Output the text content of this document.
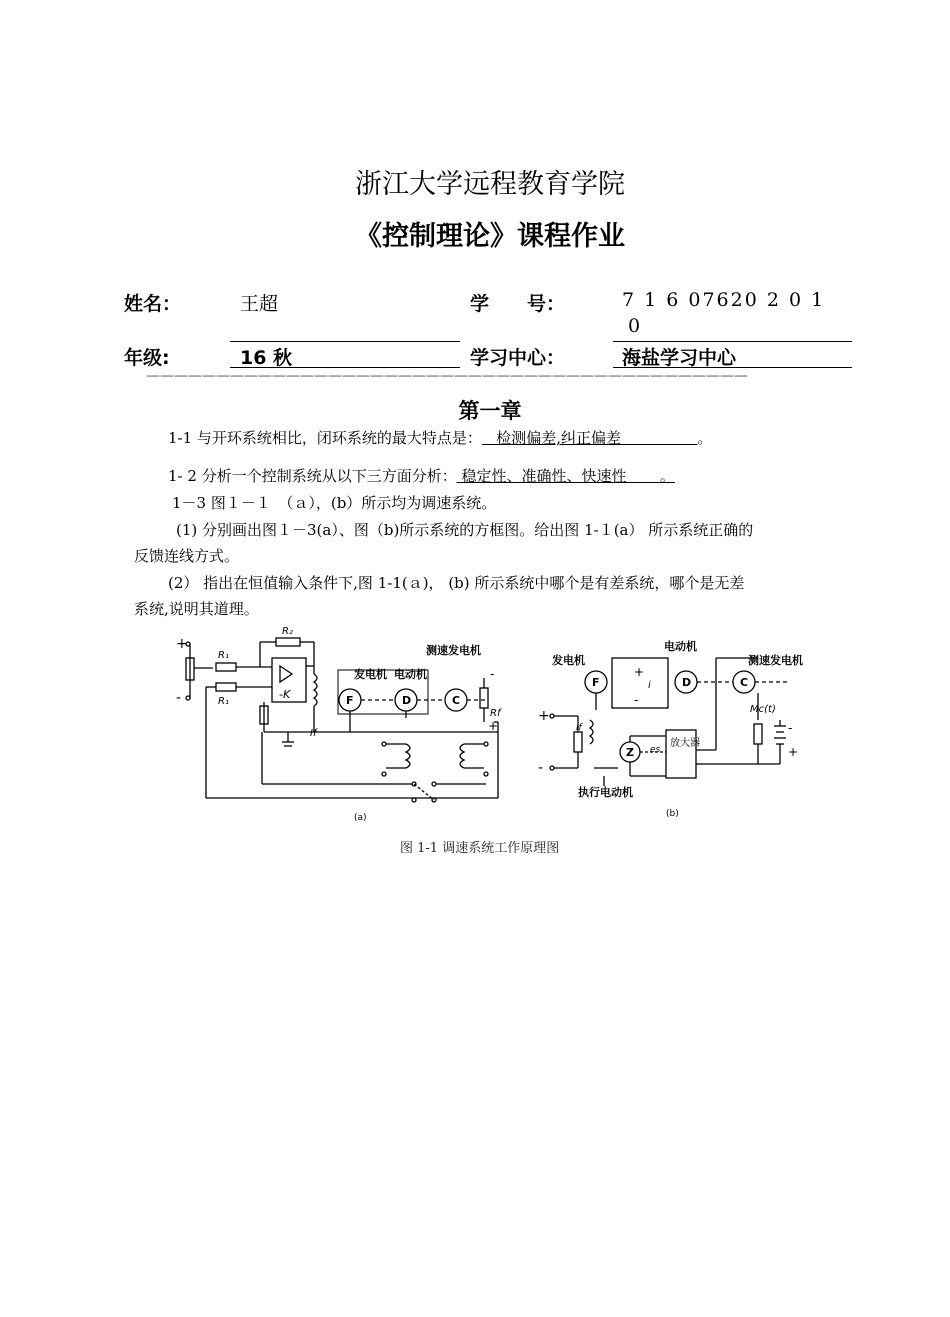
浙江大学远程教育学院
《控制理论》课程作业
姓名：	王超	学　　号：	7 1 6 07620 2 0 1
0
年级:	16 秋	学习中心：	海盐学习中心
———————————————————————————————————————————
第一章
1-1 与开环系统相比，闭环系统的最大特点是：   检测偏差,纠正偏差                。
1- 2 分析一个控制系统从以下三方面分析： 稳定性、准确性、快速性       。
1－3 图１－１　（ａ），(b）所示均为调速系统。
(1) 分别画出图１－3(a）、图（b)所示系统的方框图。给出图 1-１(a） 所示系统正确的
反馈连线方式。
(2） 指出在恒值输入条件下,图 1-1(ａ)， (b) 所示系统中哪个是有差系统，哪个是无差
系统,说明其道理。
+
-
R₁
R₁
R₂
-K
If
发电机 电动机
测速发电机
F	D	C
-
Rf
+
(a)
发电机
电动机
测速发电机
F	D	C
+
-
i
Mc(t)
-
+
放大器
Z es
+
-
if
执行电动机
(b)
图 1-1 调速系统工作原理图
